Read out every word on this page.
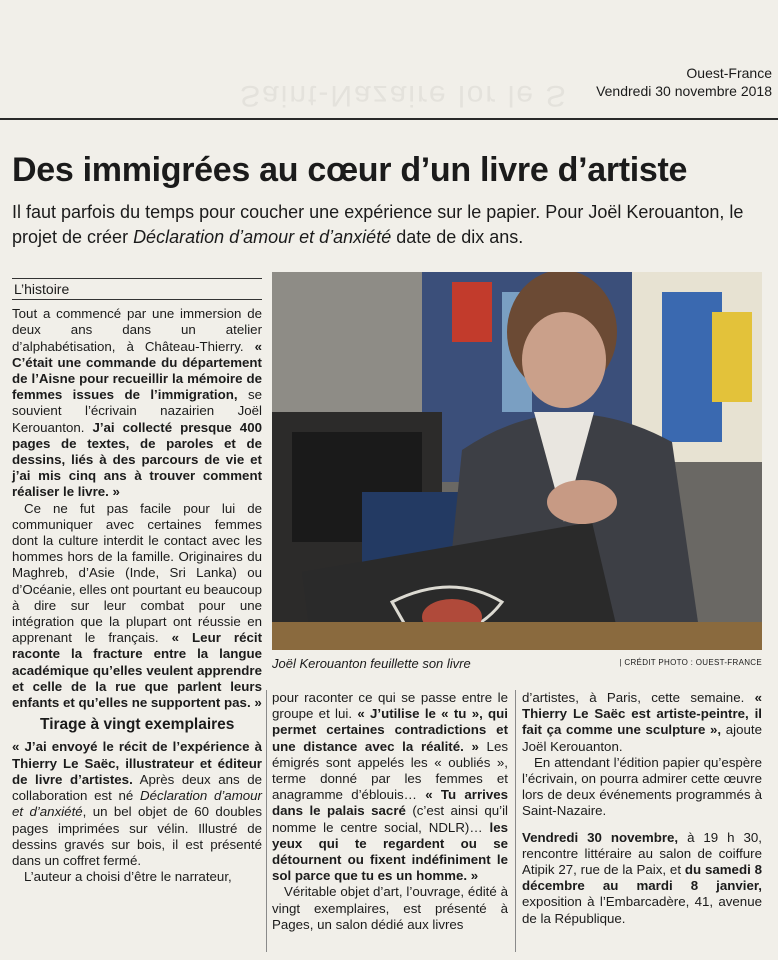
Saint-Nazaire lor le S
Ouest-France
Vendredi 30 novembre 2018
Des immigrées au cœur d’un livre d’artiste

Il faut parfois du temps pour coucher une expérience sur le papier. Pour Joël Kerouanton, le projet de créer Déclaration d’amour et d’anxiété date de dix ans.

L’histoire

Tout a commencé par une immersion de deux ans dans un atelier d’alphabétisation, à Château-Thierry. « C’était une commande du département de l’Aisne pour recueillir la mémoire de femmes issues de l’immigration, se souvient l’écrivain nazairien Joël Kerouanton. J’ai collecté presque 400 pages de textes, de paroles et de dessins, liés à des parcours de vie et j’ai mis cinq ans à trouver comment réaliser le livre. »

Ce ne fut pas facile pour lui de communiquer avec certaines femmes dont la culture interdit le contact avec les hommes hors de la famille. Originaires du Maghreb, d’Asie (Inde, Sri Lanka) ou d’Océanie, elles ont pourtant eu beaucoup à dire sur leur combat pour une intégration que la plupart ont réussie en apprenant le français. « Leur récit raconte la fracture entre la langue académique qu’elles veulent apprendre et celle de la rue que parlent leurs enfants et qu’elles ne supportent pas. »

Tirage à vingt exemplaires

« J’ai envoyé le récit de l’expérience à Thierry Le Saëc, illustrateur et éditeur de livre d’artistes. Après deux ans de collaboration est né Déclaration d’amour et d’anxiété, un bel objet de 60 doubles pages imprimées sur vélin. Illustré de dessins gravés sur bois, il est présenté dans un coffret fermé.

L’auteur a choisi d’être le narrateur,

Joël Kerouanton feuillette son livre	| CRÉDIT PHOTO : OUEST-FRANCE

pour raconter ce qui se passe entre le groupe et lui. « J’utilise le « tu », qui permet certaines contradictions et une distance avec la réalité. » Les émigrés sont appelés les « oubliés », terme donné par les femmes et anagramme d’éblouis… « Tu arrives dans le palais sacré (c’est ainsi qu’il nomme le centre social, NDLR)… les yeux qui te regardent ou se détournent ou fixent indéfiniment le sol parce que tu es un homme. »

Véritable objet d’art, l’ouvrage, édité à vingt exemplaires, est présenté à Pages, un salon dédié aux livres

d’artistes, à Paris, cette semaine. « Thierry Le Saëc est artiste-peintre, il fait ça comme une sculpture », ajoute Joël Kerouanton.

En attendant l’édition papier qu’espère l’écrivain, on pourra admirer cette œuvre lors de deux événements programmés à Saint-Nazaire.

Vendredi 30 novembre, à 19 h 30, rencontre littéraire au salon de coiffure Atipik 27, rue de la Paix, et du samedi 8 décembre au mardi 8 janvier, exposition à l’Embarcadère, 41, avenue de la République.
